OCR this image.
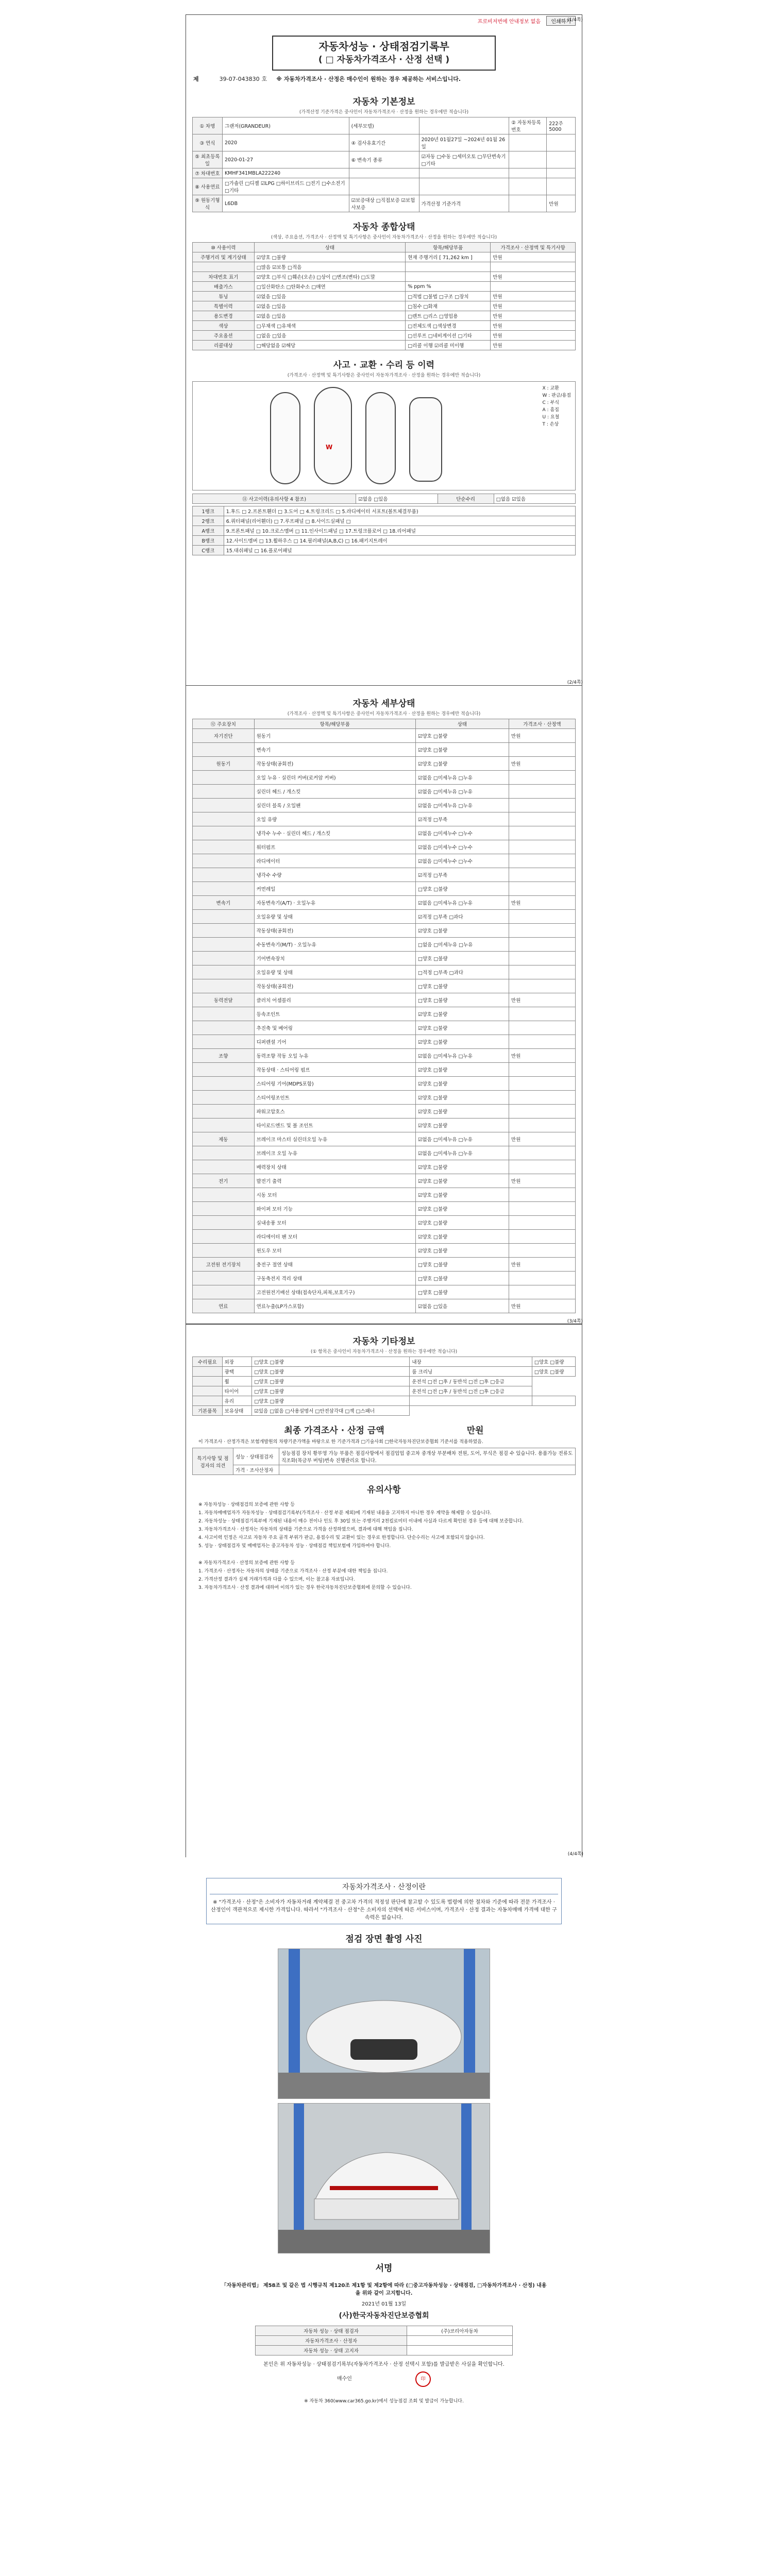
프로비저번에 안내정보 없음	인쇄하기
(1/4쪽)
자동차성능 · 상태점검기록부
( □ 자동차가격조사 · 산정 선택 )
제	39-07-043830 호 ※ 자동차가격조사 · 산정은 매수인이 원하는 경우 제공하는 서비스입니다.
자동차 기본정보
(가격산정 기준가격은 중사인이 자동차가격조사 · 산정을 원하는 경우에만 적습니다)
① 차명	그랜저(GRANDEUR)	(세부모델)		② 자동차등록번호	222주5000
③ 연식	2020	④ 검사유효기간	2020년 01월27일 ~2024년 01월 26일		
⑤ 최초등록일	2020-01-27	⑥ 변속기 종류	☑자동 □수동 □세미오토 □무단변속기 □기타		
⑦ 차대번호	KMHF341MBLA222240				
⑧ 사용연료	□가솔린 □디젤 ☑LPG □하이브리드 □전기 □수소전기 □기타				
⑨ 원동기형식	L6DB	☑보증대상 □직접보증 ☑보험사보증	가격산정 기준가격		만원
자동차 종합상태
(색상, 주요옵션, 가격조사 · 산정액 및 특기사항은 중사인이 자동차가격조사 · 산정을 원하는 경우에만 적습니다)
⑩ 사용이력	상태	항목/해당부품	가격조사 · 산정액 및 특기사항
주행거리 및 계기상태	☑양호 □불량	현재 주행거리 [ 71,262 km ]	만원
	□많음 ☑보통 □적음		
차대번호 표기	☑양호 □부식 □훼손(오손) □상이 □변조(변타) □도말		만원
배출가스	□일산화탄소 □탄화수소 □매연	% ppm %	
튜닝	☑없음 □있음	□적법 □불법 □구조 □장치	만원
특별이력	☑없음 □있음	□침수 □화재	만원
용도변경	☑없음 □있음	□렌트 □리스 □영업용	만원
색상	□무채색 □유채색	□전체도색 □색상변경	만원
주요옵션	□없음 □있음	□선루프 □네비게이션 □기타	만원
리콜대상	□해당없음 ☑해당	□리콜 이행 ☑리콜 미이행	만원
사고 · 교환 · 수리 등 이력
(가격조사 · 산정액 및 특기사항은 중사인이 자동차가격조사 · 산정을 원하는 경우에만 적습니다)
W
X : 교환
W : 판금/용접
C : 부식
A : 흠집
U : 요철
T : 손상
⑪ 사고이력(유의사항 4 참조)	☑없음 □있음	단순수리	□없음 ☑있음
1랭크	1.후드 □ 2.프론트휀더 □ 3.도어 □ 4.트렁크리드 □ 5.라디에이터 서포트(볼트체결부품)
2랭크	6.쿼터패널(리어휀더) □ 7.루프패널 □ 8.사이드실패널 □
A랭크	9.프론트패널 □ 10.크로스멤버 □ 11.인사이드패널 □ 17.트렁크플로어 □ 18.리어패널
B랭크	12.사이드멤버 □ 13.휠하우스 □ 14.필러패널(A,B,C) □ 16.패키지트레이
C랭크	15.대쉬패널 □ 16.플로어패널
(2/4쪽)
자동차 세부상태
(가격조사 · 산정액 및 특기사항은 중사인이 자동차가격조사 · 산정을 원하는 경우에만 적습니다)
⑫ 주요장치	항목/해당부품	상태	가격조사 · 산정액
자기진단	원동기	☑양호 □불량	만원
	변속기	☑양호 □불량	
원동기	작동상태(공회전)	☑양호 □불량	만원
	오일 누유 · 실린더 커버(로커암 커버)	☑없음 □미세누유 □누유	
	실린더 헤드 / 개스킷	☑없음 □미세누유 □누유	
	실린더 블록 / 오일팬	☑없음 □미세누유 □누유	
	오일 유량	☑적정 □부족	
	냉각수 누수 · 실린더 헤드 / 개스킷	☑없음 □미세누수 □누수	
	워터펌프	☑없음 □미세누수 □누수	
	라디에이터	☑없음 □미세누수 □누수	
	냉각수 수량	☑적정 □부족	
	커먼레일	□양호 □불량	
변속기	자동변속기(A/T) · 오일누유	☑없음 □미세누유 □누유	만원
	오일유량 및 상태	☑적정 □부족 □과다	
	작동상태(공회전)	☑양호 □불량	
	수동변속기(M/T) · 오일누유	□없음 □미세누유 □누유	
	기어변속장치	□양호 □불량	
	오일유량 및 상태	□적정 □부족 □과다	
	작동상태(공회전)	□양호 □불량	
동력전달	클러치 어셈블리	□양호 □불량	만원
	등속조인트	☑양호 □불량	
	추진축 및 베어링	☑양호 □불량	
	디퍼렌셜 기어	☑양호 □불량	
조향	동력조향 작동 오일 누유	☑없음 □미세누유 □누유	만원
	작동상태 · 스티어링 펌프	☑양호 □불량	
	스티어링 기어(MDPS포함)	☑양호 □불량	
	스티어링조인트	☑양호 □불량	
	파워고압호스	☑양호 □불량	
	타이로드엔드 및 볼 조인트	☑양호 □불량	
제동	브레이크 마스터 실린더오일 누유	☑없음 □미세누유 □누유	만원
	브레이크 오일 누유	☑없음 □미세누유 □누유	
	배력장치 상태	☑양호 □불량	
전기	발전기 출력	☑양호 □불량	만원
	시동 모터	☑양호 □불량	
	와이퍼 모터 기능	☑양호 □불량	
	실내송풍 모터	☑양호 □불량	
	라디에이터 팬 모터	☑양호 □불량	
	윈도우 모터	☑양호 □불량	
고전원 전기장치	충전구 절연 상태	□양호 □불량	만원
	구동축전지 격리 상태	□양호 □불량	
	고전원전기배선 상태(접속단자,피복,보호기구)	□양호 □불량	
연료	연료누출(LP가스포함)	☑없음 □있음	만원
(3/4쪽)
자동차 기타정보
(① 항목은 중사인이 자동차가격조사 · 산정을 원하는 경우에만 적습니다)
수리필요	외장	□양호 □불량	내장	□양호 □불량
	광택	□양호 □불량	룸 크리닝	□양호 □불량
	휠	□양호 □불량	운전석 □전 □후 / 동반석 □전 □후 □응급	
	타이어	□양호 □불량	운전석 □전 □후 / 동반석 □전 □후 □응급	
	유리	□양호 □불량		
기본품목	보유상태	☑있음 □없음 □사용설명서 □안전삼각대 □잭 □스패너		
최종 가격조사 · 산정 금액	만원
이 가격조사 · 산정가격은 보험개발원의 차량기준가액을 바탕으로 한 기준가격과 □기술사회 □한국자동차진단보증협회 기준서를 적용하였음.
특기사항 및 점검자의 의견	성능 · 상태점검자	성능점검 장치 황부영 가능 부품은 점검사항에서 점검업업 중고차 중개상 부분배차 전원, 도어, 부식은 점검 수 있습니다. 용품가능 전류도 직조화(목금부 버팅)변속 진행관리요 합니다.
	가격 · 조사산정자	
유의사항
※ 자동차성능 · 상태점검의 보증에 관한 사항 등
1. 자동차매매업자가 자동차성능 · 상태점검기록부(가격조사 · 산정 부분 제외)에 기재된 내용을 고지하지 아니한 경우 계약을 해제할 수 있습니다.
2. 자동차성능 · 상태점검기록부에 기재된 내용이 매수 전이나 인도 후 30일 또는 주행거리 2천킬로미터 이내에 사실과 다르게 확인된 경우 등에 대해 보증합니다.
3. 자동차가격조사 · 산정자는 자동차의 상태를 기준으로 가격을 산정하였으며, 결과에 대해 책임을 집니다.
4. 사고이력 인정은 사고로 자동차 주요 골격 부위가 판금, 용접수리 및 교환이 있는 경우로 한정합니다. 단순수리는 사고에 포함되지 않습니다.
5. 성능 · 상태점검자 및 매매업자는 중고자동차 성능 · 상태점검 책임보험에 가입하여야 합니다.
※ 자동차가격조사 · 산정의 보증에 관한 사항 등
1. 가격조사 · 산정자는 자동차의 상태를 기준으로 가격조사 · 산정 부분에 대한 책임을 집니다.
2. 가격산정 결과가 실제 거래가격과 다를 수 있으며, 이는 참고용 자료입니다.
3. 자동차가격조사 · 산정 결과에 대하여 이의가 있는 경우 한국자동차진단보증협회에 문의할 수 있습니다.
(4/4쪽)
자동차가격조사 · 산정이란
※ "가격조사 · 산정"은 소비자가 자동차거래 계약체결 전 중고차 가격의 적정성 판단에 참고할 수 있도록 법령에 의한 절차와 기준에 따라 전문 가격조사 · 산정인이 객관적으로 제시한 가격입니다. 따라서 "가격조사 · 산정"은 소비자의 선택에 따른 서비스이며, 가격조사 · 산정 결과는 자동차매매 가격에 대한 구속력은 없습니다.
점검 장면 촬영 사진
서명
「자동차관리법」 제58조 및 같은 법 시행규칙 제120조 제1항 및 제2항에 따라 (□중고자동차성능 · 상태점검, □자동차가격조사 · 산정) 내용을 위와 같이 고지합니다.
2021년 01월 13일
(사)한국자동차진단보증협회
자동차 성능 · 상태 점검자	(주)코리아자동차
자동차가격조사 · 산정자	
자동차 성능 · 상태 고지자	
본인은 위 자동차성능 · 상태점검기록부(자동차가격조사 · 산정 선택시 포함)를 발급받은 사실을 확인합니다.
매수인	印
※ 자동차 360(www.car365.go.kr)에서 성능점검 조회 및 발급이 가능합니다.
